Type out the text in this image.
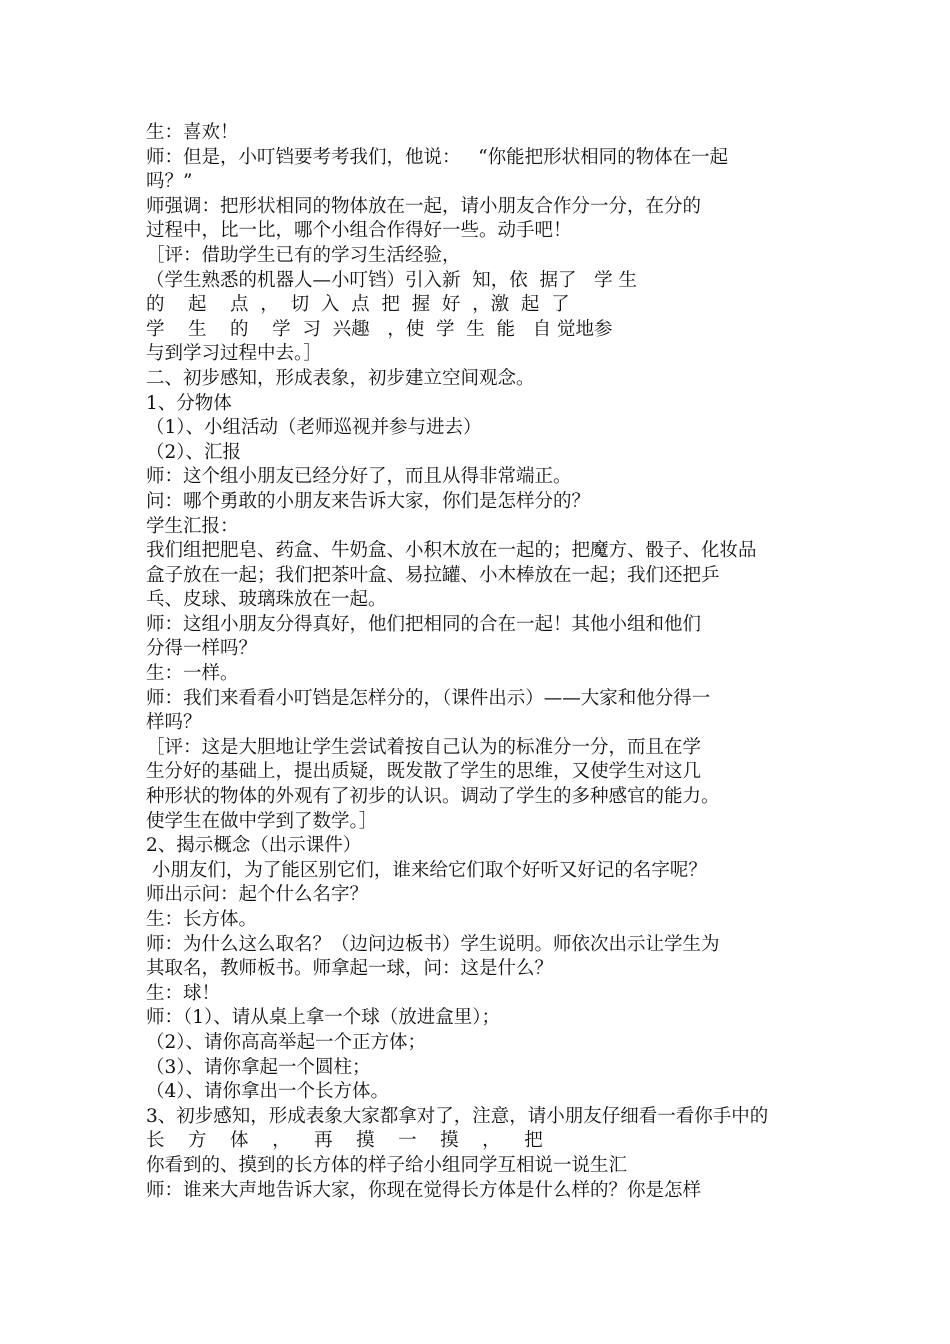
生：喜欢！
师：但是，小叮铛要考考我们，他说：   “你能把形状相同的物体在一起
吗？”
师强调：把形状相同的物体放在一起，请小朋友合作分一分，在分的
过程中，比一比，哪个小组合作得好一些。动手吧！
［评：借助学生已有的学习生活经验，
（学生熟悉的机器人—小叮铛）引入新  知，依  据了   学 生
的    起    点  ，  切  入  点  把  握  好  ，激  起  了
学    生    的    学  习  兴趣   ，使  学  生  能   自 觉地参
与到学习过程中去。］
二、初步感知，形成表象，初步建立空间观念。
1、分物体
（1）、小组活动（老师巡视并参与进去）
（2）、汇报
师：这个组小朋友已经分好了，而且从得非常端正。
问：哪个勇敢的小朋友来告诉大家，你们是怎样分的？
学生汇报：
我们组把肥皂、药盒、牛奶盒、小积木放在一起的；把魔方、骰子、化妆品
盒子放在一起；我们把茶叶盒、易拉罐、小木棒放在一起；我们还把乒
乓、皮球、玻璃珠放在一起。
师：这组小朋友分得真好，他们把相同的合在一起！其他小组和他们
分得一样吗？
生：一样。
师：我们来看看小叮铛是怎样分的，（课件出示）——大家和他分得一
样吗？
［评：这是大胆地让学生尝试着按自己认为的标准分一分，而且在学
生分好的基础上，提出质疑，既发散了学生的思维，又使学生对这几
种形状的物体的外观有了初步的认识。调动了学生的多种感官的能力。
使学生在做中学到了数学。］
2、揭示概念（出示课件）
小朋友们，为了能区别它们，谁来给它们取个好听又好记的名字呢？
师出示问：起个什么名字？
生：长方体。
师：为什么这么取名？（边问边板书）学生说明。师依次出示让学生为
其取名，教师板书。师拿起一球，问：这是什么？
生：球！
师：（1）、请从桌上拿一个球（放进盒里）；
（2）、请你高高举起一个正方体；
（3）、请你拿起一个圆柱；
（4）、请你拿出一个长方体。
3、初步感知，形成表象大家都拿对了，注意，请小朋友仔细看一看你手中的
长    方    体    ，    再    摸    一    摸    ，    把
你看到的、摸到的长方体的样子给小组同学互相说一说生汇
师：谁来大声地告诉大家，你现在觉得长方体是什么样的？你是怎样
